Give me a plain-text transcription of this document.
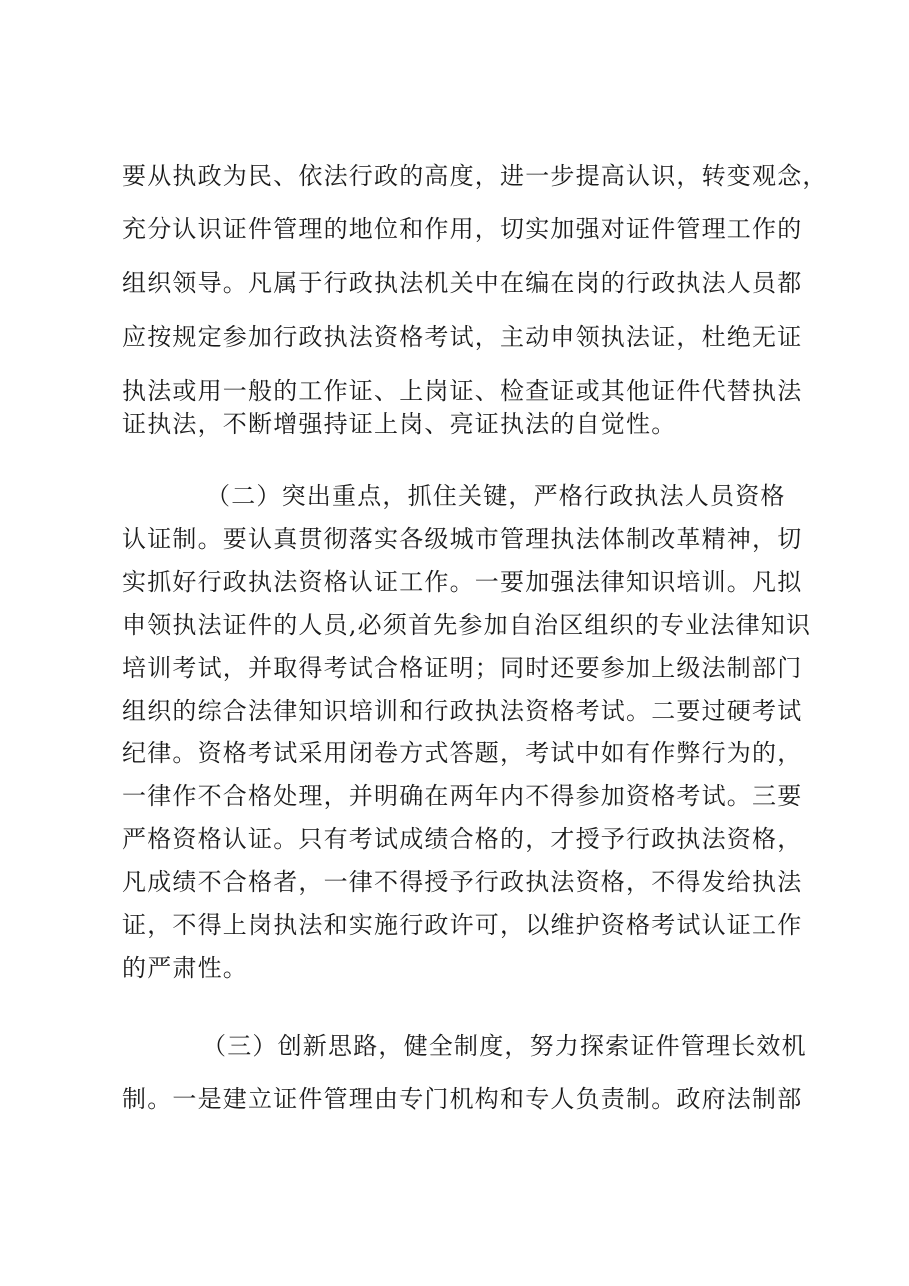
要从执政为民、依法行政的高度，进一步提高认识，转变观念，
充分认识证件管理的地位和作用，切实加强对证件管理工作的
组织领导。凡属于行政执法机关中在编在岗的行政执法人员都
应按规定参加行政执法资格考试，主动申领执法证，杜绝无证
执法或用一般的工作证、上岗证、检查证或其他证件代替执法
证执法，不断增强持证上岗、亮证执法的自觉性。
（二）突出重点，抓住关键，严格行政执法人员资格
认证制。要认真贯彻落实各级城市管理执法体制改革精神，切
实抓好行政执法资格认证工作。一要加强法律知识培训。凡拟
申领执法证件的人员,必须首先参加自治区组织的专业法律知识
培训考试，并取得考试合格证明；同时还要参加上级法制部门
组织的综合法律知识培训和行政执法资格考试。二要过硬考试
纪律。资格考试采用闭卷方式答题，考试中如有作弊行为的，
一律作不合格处理，并明确在两年内不得参加资格考试。三要
严格资格认证。只有考试成绩合格的，才授予行政执法资格，
凡成绩不合格者，一律不得授予行政执法资格，不得发给执法
证，不得上岗执法和实施行政许可，以维护资格考试认证工作
的严肃性。
（三）创新思路，健全制度，努力探索证件管理长效机
制。一是建立证件管理由专门机构和专人负责制。政府法制部
